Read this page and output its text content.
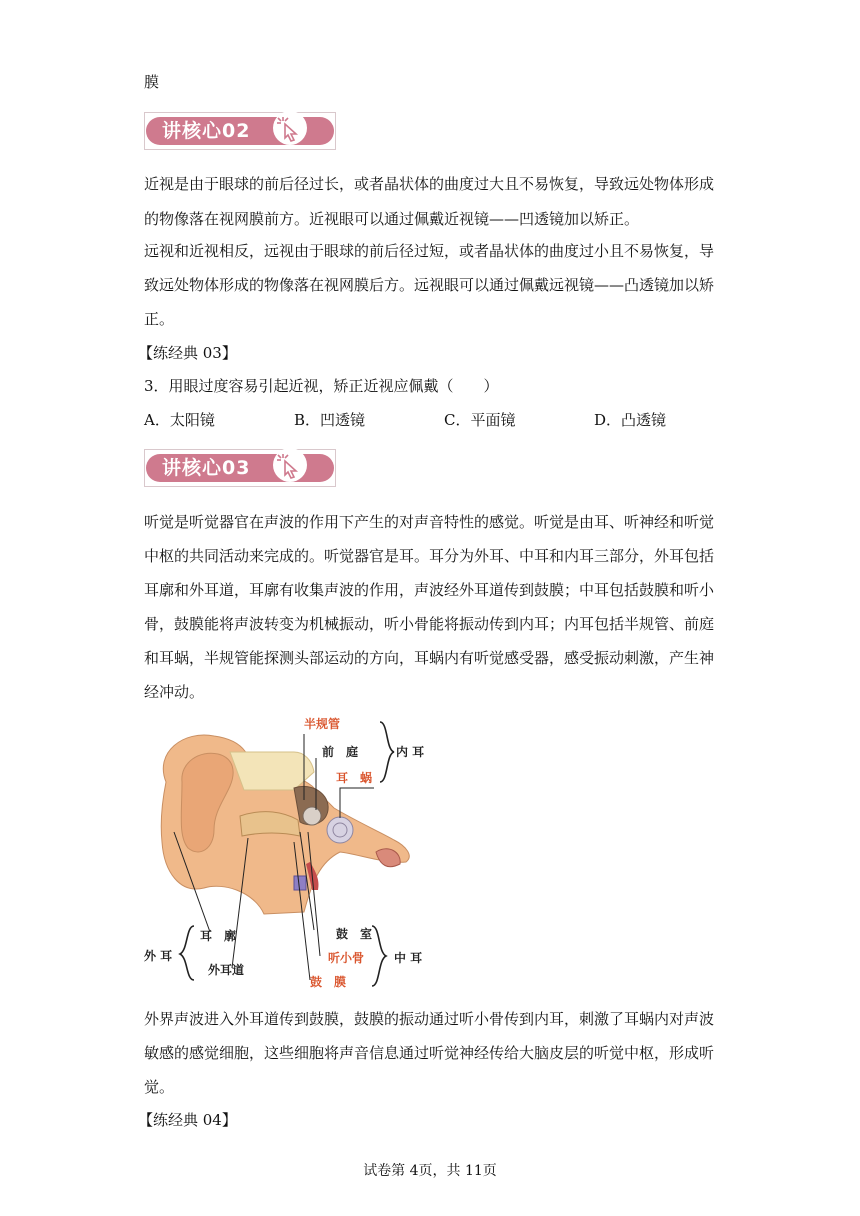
膜
讲核心02
近视是由于眼球的前后径过长，或者晶状体的曲度过大且不易恢复，导致远处物体形成
的物像落在视网膜前方。近视眼可以通过佩戴近视镜——凹透镜加以矫正。
远视和近视相反，远视由于眼球的前后径过短，或者晶状体的曲度过小且不易恢复，导
致远处物体形成的物像落在视网膜后方。远视眼可以通过佩戴远视镜——凸透镜加以矫
正。
【练经典 03】
3．用眼过度容易引起近视，矫正近视应佩戴（　　）
A．太阳镜	B．凹透镜	C．平面镜	D．凸透镜
讲核心03
听觉是听觉器官在声波的作用下产生的对声音特性的感觉。听觉是由耳、听神经和听觉
中枢的共同活动来完成的。听觉器官是耳。耳分为外耳、中耳和内耳三部分，外耳包括
耳廓和外耳道，耳廓有收集声波的作用，声波经外耳道传到鼓膜；中耳包括鼓膜和听小
骨，鼓膜能将声波转变为机械振动，听小骨能将振动传到内耳；内耳包括半规管、前庭
和耳蜗，半规管能探测头部运动的方向，耳蜗内有听觉感受器，感受振动刺激，产生神
经冲动。
半规管
前　庭
耳　蜗
内 耳
耳　廓
外耳道
外 耳
鼓　室
听小骨
鼓　膜
中 耳
外界声波进入外耳道传到鼓膜，鼓膜的振动通过听小骨传到内耳，刺激了耳蜗内对声波
敏感的感觉细胞，这些细胞将声音信息通过听觉神经传给大脑皮层的听觉中枢，形成听
觉。
【练经典 04】
试卷第 4页，共 11页
